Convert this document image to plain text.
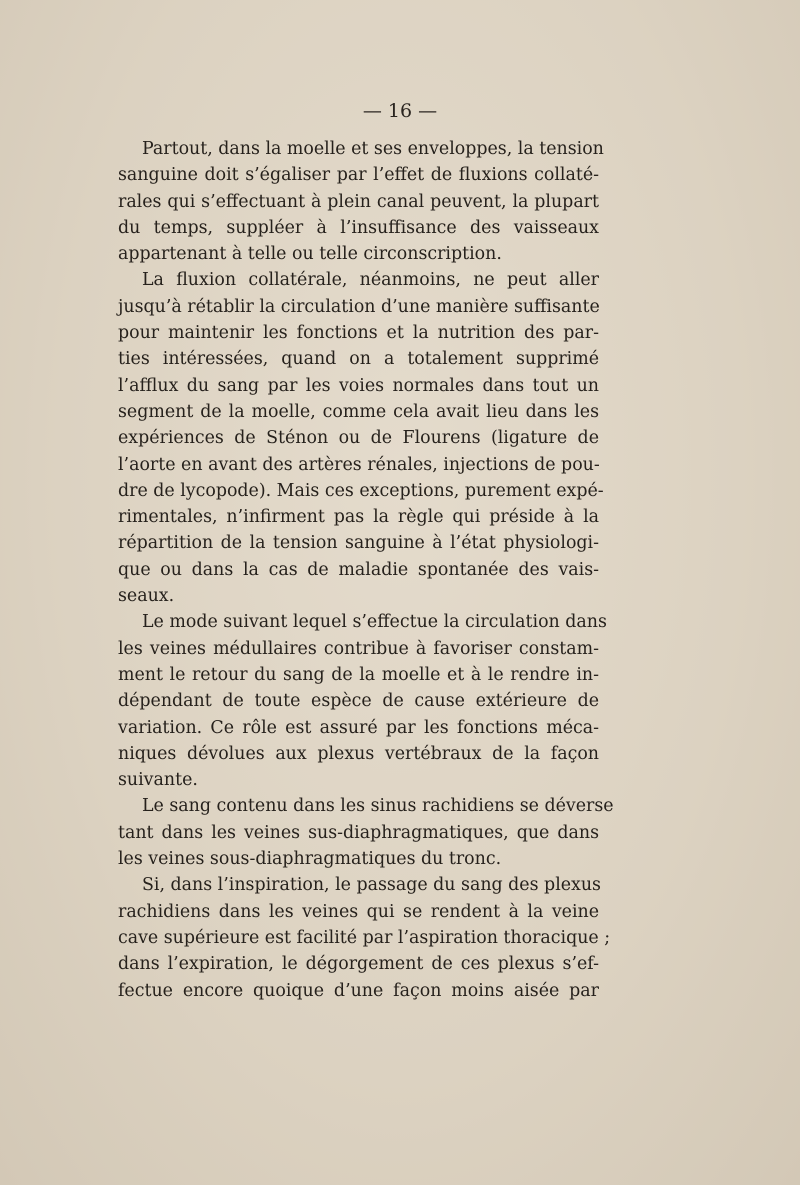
— 16 —
Partout, dans la moelle et ses enveloppes, la tension
sanguine doit s’égaliser par l’effet de fluxions collaté-
rales qui s’effectuant à plein canal peuvent, la plupart
du temps, suppléer à l’insuffisance des vaisseaux
appartenant à telle ou telle circonscription.
La fluxion collatérale, néanmoins, ne peut aller
jusqu’à rétablir la circulation d’une manière suffisante
pour maintenir les fonctions et la nutrition des par-
ties intéressées, quand on a totalement supprimé
l’afflux du sang par les voies normales dans tout un
segment de la moelle, comme cela avait lieu dans les
expériences de Sténon ou de Flourens (ligature de
l’aorte en avant des artères rénales, injections de pou-
dre de lycopode). Mais ces exceptions, purement expé-
rimentales, n’infirment pas la règle qui préside à la
répartition de la tension sanguine à l’état physiologi-
que ou dans la cas de maladie spontanée des vais-
seaux.
Le mode suivant lequel s’effectue la circulation dans
les veines médullaires contribue à favoriser constam-
ment le retour du sang de la moelle et à le rendre in-
dépendant de toute espèce de cause extérieure de
variation. Ce rôle est assuré par les fonctions méca-
niques dévolues aux plexus vertébraux de la façon
suivante.
Le sang contenu dans les sinus rachidiens se déverse
tant dans les veines sus-diaphragmatiques, que dans
les veines sous-diaphragmatiques du tronc.
Si, dans l’inspiration, le passage du sang des plexus
rachidiens dans les veines qui se rendent à la veine
cave supérieure est facilité par l’aspiration thoracique ;
dans l’expiration, le dégorgement de ces plexus s’ef-
fectue encore quoique d’une façon moins aisée par
